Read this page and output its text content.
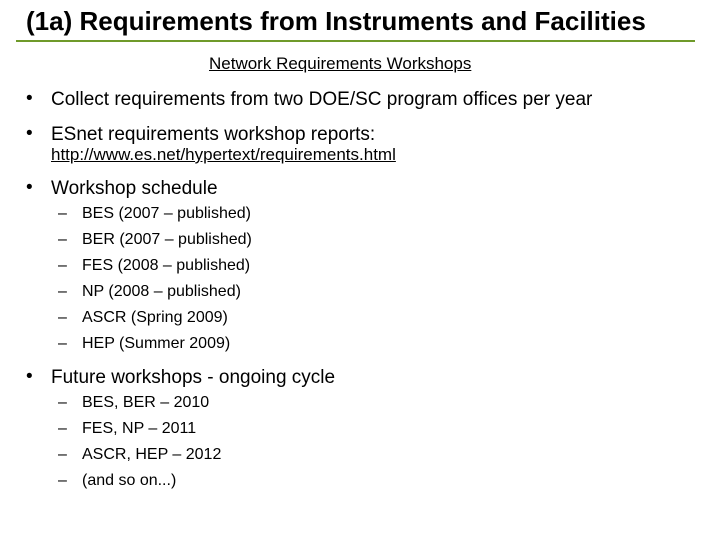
(1a) Requirements from Instruments and Facilities
Network Requirements Workshops
• Collect requirements from two DOE/SC program offices per year
• ESnet requirements workshop reports:
http://www.es.net/hypertext/requirements.html
• Workshop schedule
– BES (2007 – published)
– BER (2007 – published)
– FES (2008 – published)
– NP (2008 – published)
– ASCR (Spring 2009)
– HEP (Summer 2009)
• Future workshops - ongoing cycle
– BES, BER – 2010
– FES, NP – 2011
– ASCR, HEP – 2012
– (and so on...)
